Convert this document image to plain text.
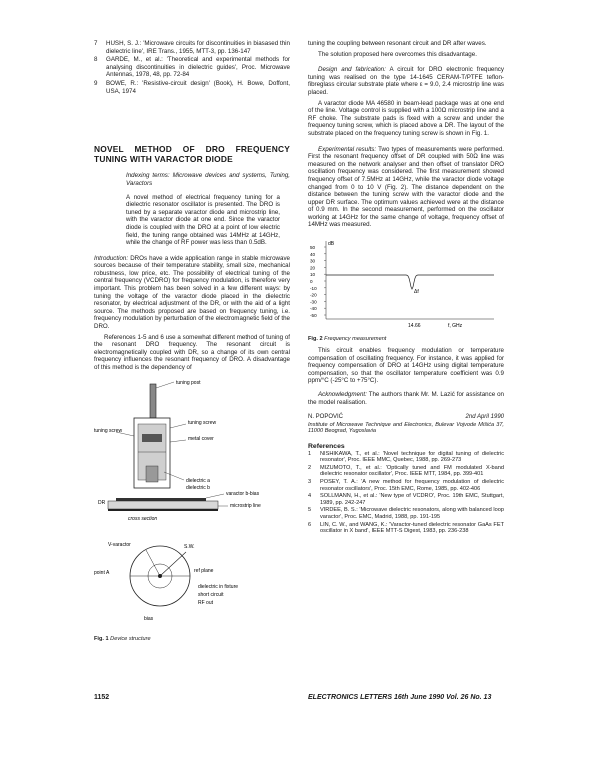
7	HUSH, S. J.: 'Microwave circuits for discontinuities in biasased thin dielectric line', IRE Trans., 1955, MTT-3, pp. 136-147
8	GARDE, M., et al.: 'Theoretical and experimental methods for analysing discontinuities in dielectric guides', Proc. Microwave Antennas, 1978, 48, pp. 72-84
9	BOWE, R.: 'Resistive-circuit design' (Book), H. Bowe, Doffont, USA, 1974
NOVEL METHOD OF DRO FREQUENCY TUNING WITH VARACTOR DIODE
Indexing terms: Microwave devices and systems, Tuning, Varactors
A novel method of electrical frequency tuning for a dielectric resonator oscillator is presented. The DRO is tuned by a separate varactor diode and microstrip line, with the varactor diode at one end. Since the varactor diode is coupled with the DRO at a point of low electric field, the tuning range obtained was 14MHz at 14GHz, while the change of RF power was less than 0.5dB.

Introduction: DROs have a wide application range in stable microwave sources because of their temperature stability, small size, mechanical robustness, low price, etc. The possibility of electrical tuning of the central frequency (VCDRO) for frequency modulation, is therefore very important. This problem has been solved in a few different ways: by tuning the voltage of the varactor diode placed in the dielectric resonator, by electrical adjustment of the DR, or with the aid of a light source. The methods proposed are based on frequency tuning, i.e. frequency modulation by perturbation of the electromagnetic field of the DRO.

References 1-5 and 6 use a somewhat different method of tuning of the resonant DRO frequency. The resonant circuit is electromagnetically coupled with DR, so a change of its own central frequency influences the resonant frequency of DRO. A disadvantage of this method is the dependency of

tuning post
tuning screw
tuning screw
metal cover
dielectric a
dielectric b
DR
varactor b-bias
microstrip line
cross section
V-varactor	S.W.
point A	ref plane
dielectric in fixture
short circuit
RF out
bias
Fig. 1 Device structure
1152

tuning the coupling between resonant circuit and DR after waves.

The solution proposed here overcomes this disadvantage.

Design and fabrication: A circuit for DRO electronic frequency tuning was realised on the type 14-1645 CERAM-T/PTFE teflon-fibreglass circular substrate plate where ε = 9.0, 2.4 microstrip line was placed.

A varactor diode MA 46580 in beam-lead package was at one end of the line. Voltage control is supplied with a 100Ω microstrip line and a RF choke. The substrate pads is fixed with a screw and under the frequency tuning screw, which is placed above a DR. The layout of the substrate placed on the frequency tuning screw is shown in Fig. 1.

Experimental results: Two types of measurements were performed. First the resonant frequency offset of DR coupled with 50Ω line was measured on the network analyser and then offset of translator DRO oscillation frequency was considered. The first measurement showed frequency offset of 7.5MHz at 14GHz, while the varactor diode voltage changed from 0 to 10 V (Fig. 2). The distance dependent on the distance between the tuning screw with the varactor diode and the upper DR surface. The optimum values achieved were at the distance of 0.9 mm. In the second measurement, performed on the oscillator working at 14GHz for the same change of voltage, frequency offset of 14MHz was measured.

dB
50
40
30
20
10
0
-10
-20
-30
-40
-50
14.66	f, GHz
Δf
Fig. 2 Frequency measurement

This circuit enables frequency modulation or temperature compensation of oscillating frequency. For instance, it was applied for frequency compensation of DRO at 14GHz using digital temperature compensation, so that the oscillator temperature coefficient was 0.9 ppm/°C (-25°C to +75°C).

Acknowledgment: The authors thank Mr. M. Lazić for assistance on the model realisation.

N. POPOVIĆ	2nd April 1990
Institute of Microwave Technique and Electronics, Bulevar Vojvode Mišića 37, 11000 Beograd, Yugoslavia
References
1	NISHIKAWA, T., et al.: 'Novel technique for digital tuning of dielectric resonator', Proc. IEEE MMC, Quebec, 1988, pp. 269-273
2	MIZUMOTO, T., et al.: 'Optically tuned and FM modulated X-band dielectric resonator oscillator', Proc. IEEE MTT, 1984, pp. 399-401
3	POSEY, T. A.: 'A new method for frequency modulation of dielectric resonator oscillators', Proc. 15th EMC, Rome, 1985, pp. 402-406
4	SOLLMANN, H., et al.: 'New type of VCDRO', Proc. 19th EMC, Stuttgart, 1989, pp. 242-247
5	VIRDEE, B. S.: 'Microwave dielectric resonators, along with balanced loop varactor', Proc. EMC, Madrid, 1988, pp. 191-195
6	LIN, C. W., and WANG, K.: 'Varactor-tuned dielectric resonator GaAs FET oscillator in X band', IEEE MTT-S Digest, 1983, pp. 236-238
ELECTRONICS LETTERS 16th June 1990 Vol. 26 No. 13
